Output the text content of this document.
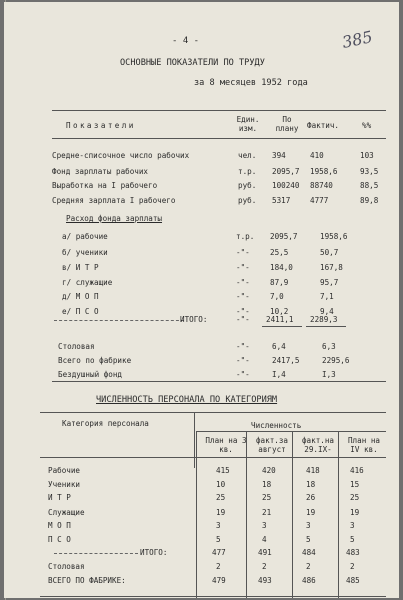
- 4 -	385
ОСНОВНЫЕ ПОКАЗАТЕЛИ ПО ТРУДУ
за 8 месяцев 1952 года
Показатели
Един. изм.
По плану	Фактич.	%%
Средне-списочное число рабочих	чел. 394	410	103
Фонд зарплаты рабочих	т.р. 2095,7 1958,6	93,5
Выработка на I рабочего	руб. 100240 88740	88,5
Средняя зарплата I рабочего	руб. 5317	4777	89,8
Расход фонда зарплаты
а/ рабочие	т.р. 2095,7	1958,6
б/ ученики	-"-	25,5	50,7
в/ И Т Р	-"-	184,0	167,8
г/ служащие	-"-	87,9	95,7
д/ М О П	-"-	7,0	7,1
е/ П С О	-"-	10,2	9,4
ИТОГО:	-"- 2411,1 2289,3
Столовая	-"-	6,4	6,3
Всего по фабрике	-"-	2417,5	2295,6
Бездушный фонд	-"-	I,4	I,3
ЧИСЛЕННОСТЬ ПЕРСОНАЛА ПО КАТЕГОРИЯМ
Категория персонала	Численность
План на 3 кв.
факт.за август
факт.на 29.IX-
План на IV кв.
Рабочие	415	420	418	416
Ученики	10	18	18	15
И Т Р	25	25	26	25
Служащие	19	21	19	19
М О П	3	3	3	3
П С О	5	4	5	5
ИТОГО:	477	491	484	483
Столовая	2	2	2	2
ВСЕГО ПО ФАБРИКЕ:	479	493	486	485
